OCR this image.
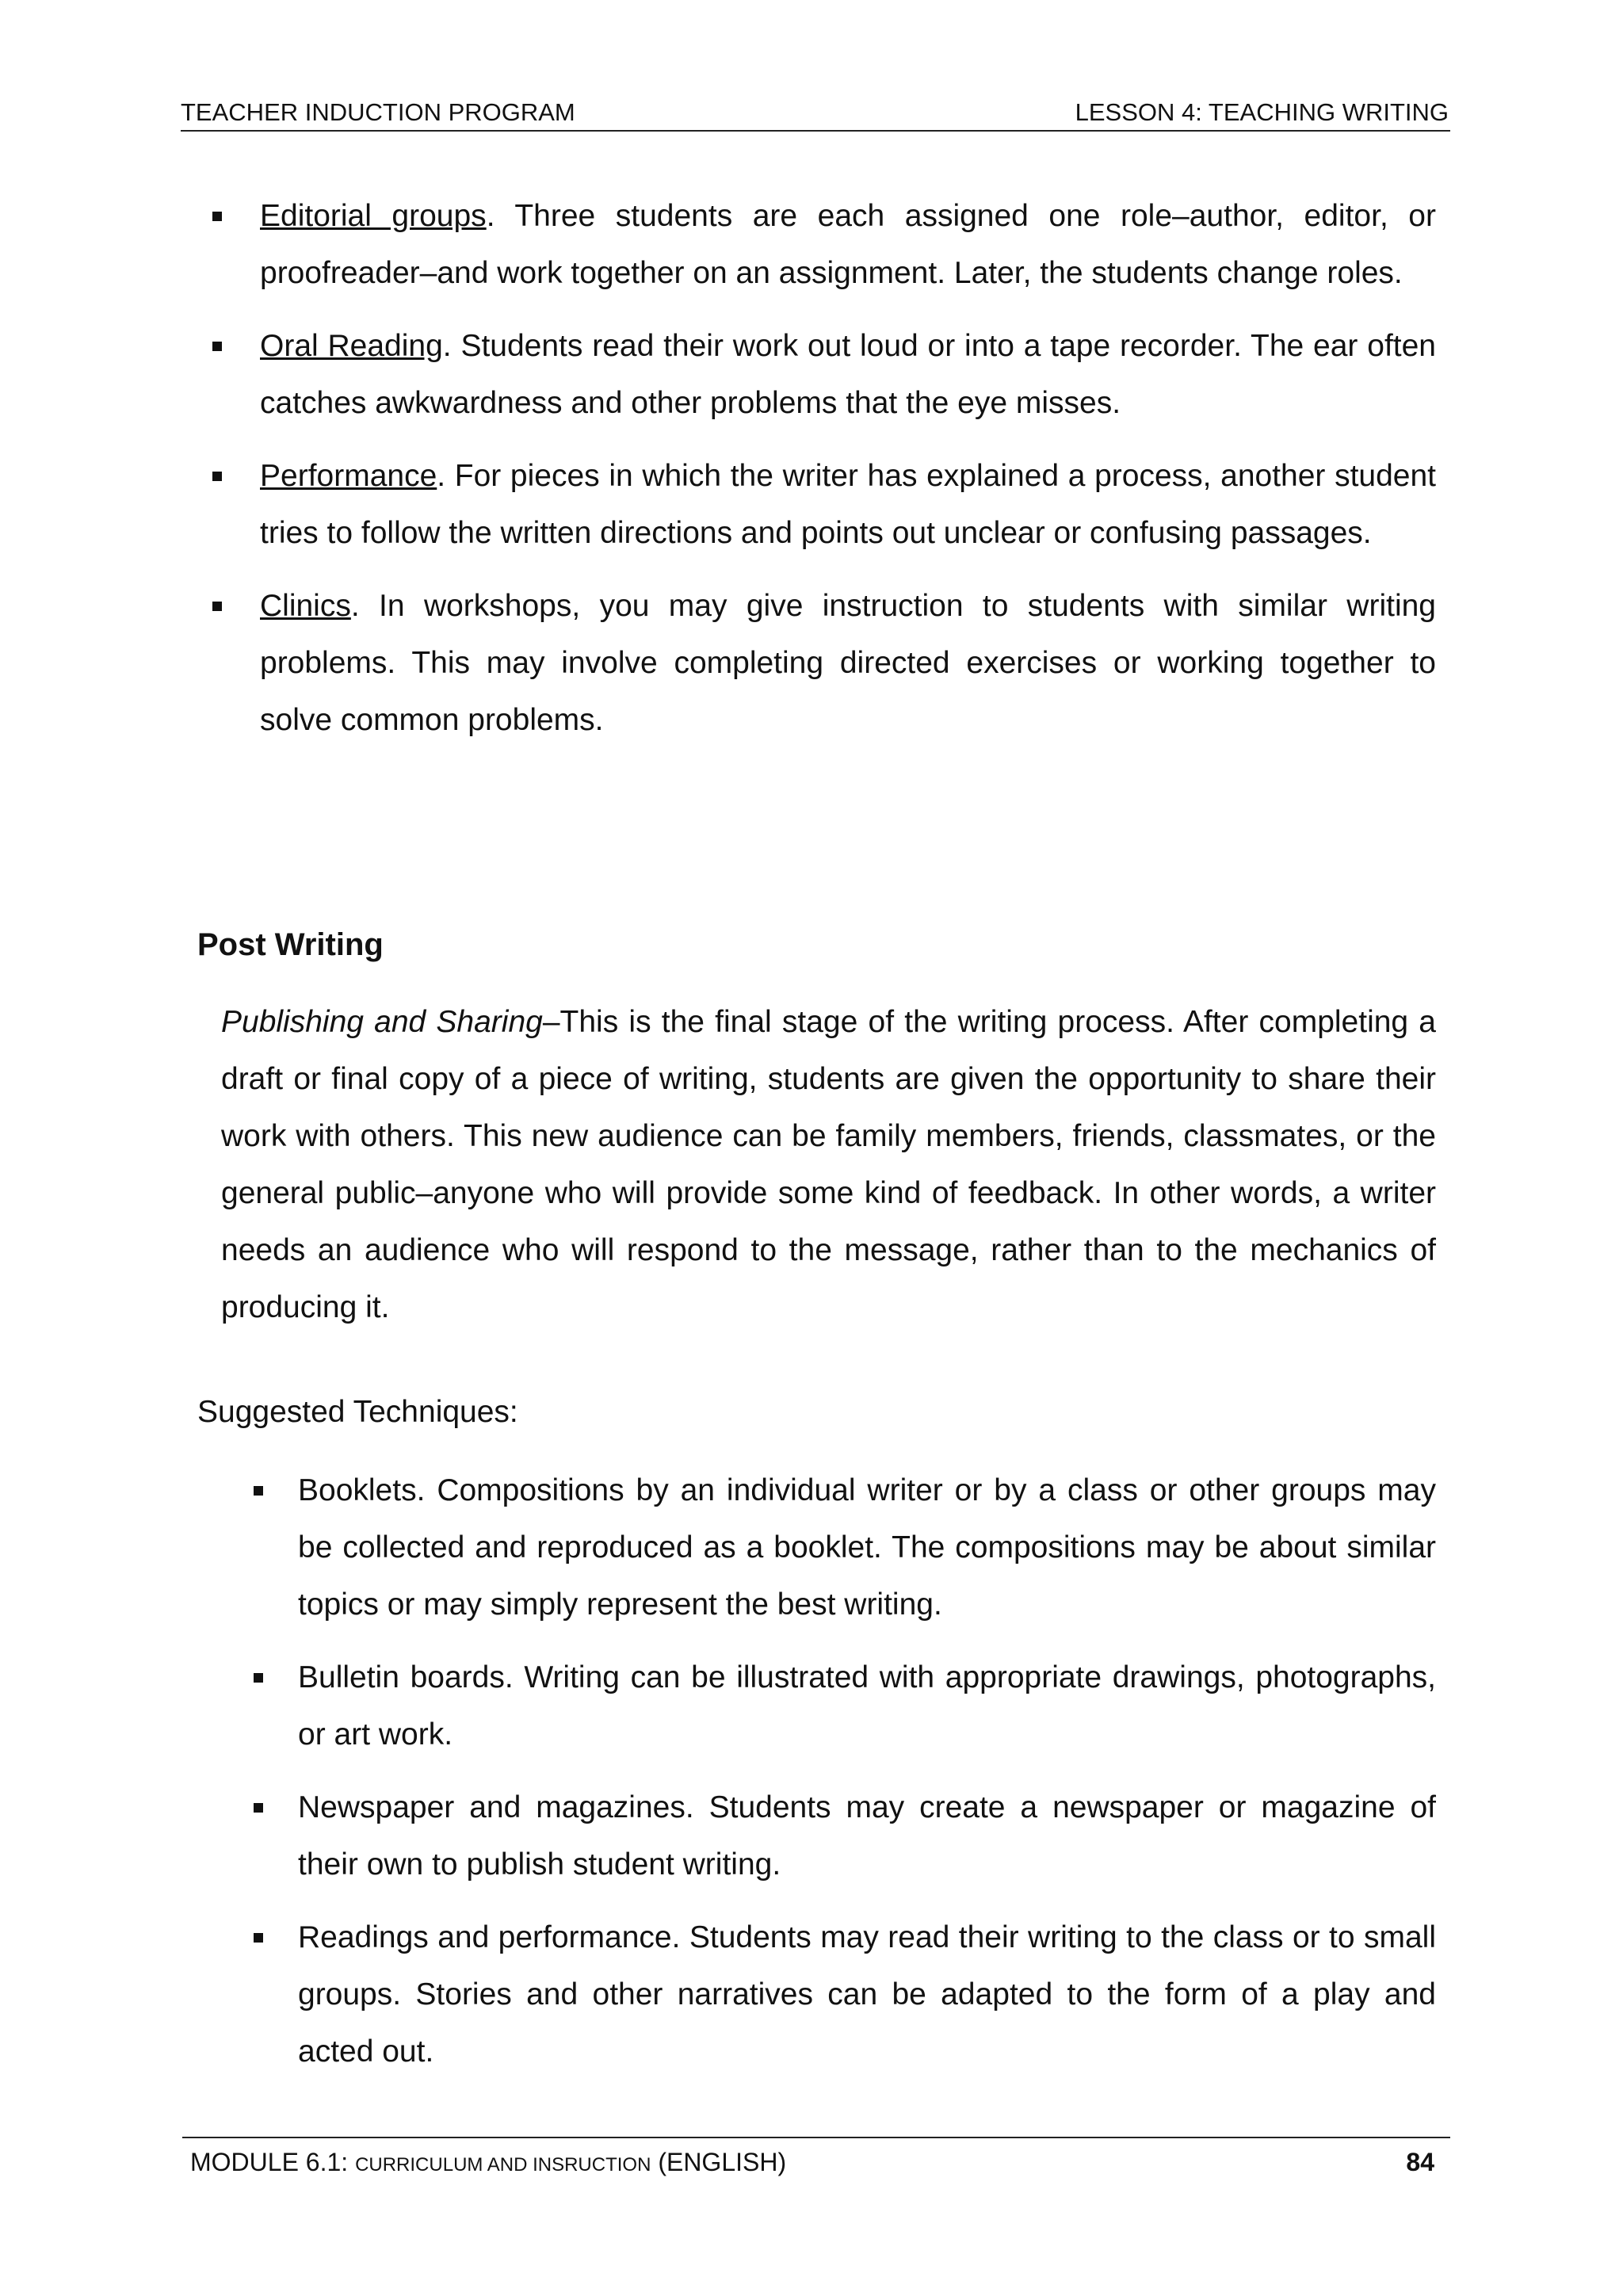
TEACHER INDUCTION PROGRAM	LESSON 4: TEACHING WRITING
Editorial groups. Three students are each assigned one role–author, editor, or proofreader–and work together on an assignment. Later, the students change roles.
Oral Reading. Students read their work out loud or into a tape recorder. The ear often catches awkwardness and other problems that the eye misses.
Performance. For pieces in which the writer has explained a process, another student tries to follow the written directions and points out unclear or confusing passages.
Clinics. In workshops, you may give instruction to students with similar writing problems. This may involve completing directed exercises or working together to solve common problems.
Post Writing

Publishing and Sharing–This is the final stage of the writing process. After completing a draft or final copy of a piece of writing, students are given the opportunity to share their work with others. This new audience can be family members, friends, classmates, or the general public–anyone who will provide some kind of feedback. In other words, a writer needs an audience who will respond to the message, rather than to the mechanics of producing it.

Suggested Techniques:

Booklets. Compositions by an individual writer or by a class or other groups may be collected and reproduced as a booklet. The compositions may be about similar topics or may simply represent the best writing.
Bulletin boards. Writing can be illustrated with appropriate drawings, photographs, or art work.
Newspaper and magazines. Students may create a newspaper or magazine of their own to publish student writing.
Readings and performance. Students may read their writing to the class or to small groups. Stories and other narratives can be adapted to the form of a play and acted out.
MODULE 6.1: CURRICULUM AND INSRUCTION (ENGLISH)	84
